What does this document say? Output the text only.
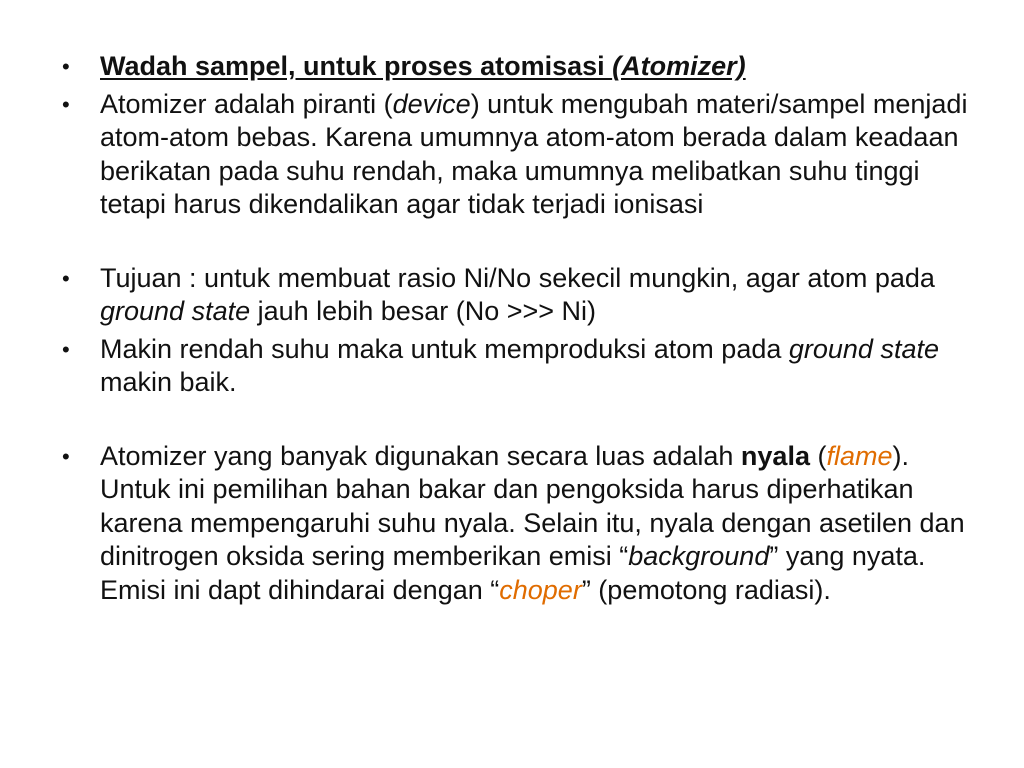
•	Wadah sampel, untuk proses atomisasi (Atomizer)
•	Atomizer adalah piranti (device) untuk mengubah materi/sampel menjadi atom-atom bebas. Karena umumnya atom-atom berada dalam keadaan berikatan pada suhu rendah, maka umumnya melibatkan suhu tinggi tetapi harus dikendalikan agar tidak terjadi ionisasi
•	Tujuan : untuk membuat rasio Ni/No sekecil mungkin, agar atom pada ground state jauh lebih besar (No >>> Ni)
•	Makin rendah suhu maka untuk memproduksi atom pada ground state makin baik.
•	Atomizer yang banyak digunakan secara luas adalah nyala (flame). Untuk ini pemilihan bahan bakar dan pengoksida harus diperhatikan karena mempengaruhi suhu nyala. Selain itu, nyala dengan asetilen dan dinitrogen oksida sering memberikan emisi “background” yang nyata. Emisi ini dapt dihindarai dengan “choper” (pemotong radiasi).
